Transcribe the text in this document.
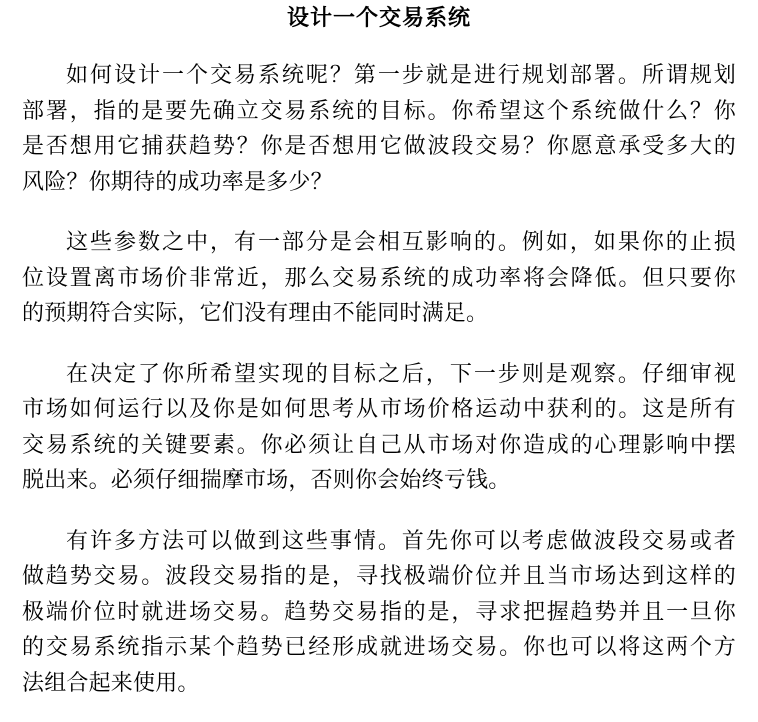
设计一个交易系统
如何设计一个交易系统呢？第一步就是进行规划部署。所谓规划
部署，指的是要先确立交易系统的目标。你希望这个系统做什么？你
是否想用它捕获趋势？你是否想用它做波段交易？你愿意承受多大的
风险？你期待的成功率是多少？
这些参数之中，有一部分是会相互影响的。例如，如果你的止损
位设置离市场价非常近，那么交易系统的成功率将会降低。但只要你
的预期符合实际，它们没有理由不能同时满足。
在决定了你所希望实现的目标之后，下一步则是观察。仔细审视
市场如何运行以及你是如何思考从市场价格运动中获利的。这是所有
交易系统的关键要素。你必须让自己从市场对你造成的心理影响中摆
脱出来。必须仔细揣摩市场，否则你会始终亏钱。
有许多方法可以做到这些事情。首先你可以考虑做波段交易或者
做趋势交易。波段交易指的是，寻找极端价位并且当市场达到这样的
极端价位时就进场交易。趋势交易指的是，寻求把握趋势并且一旦你
的交易系统指示某个趋势已经形成就进场交易。你也可以将这两个方
法组合起来使用。
